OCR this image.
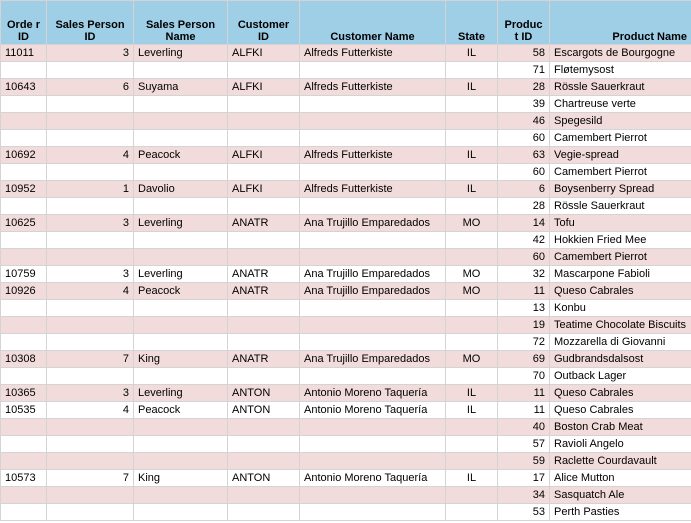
Orde r ID	Sales Person ID	Sales Person Name	Customer ID	Customer Name	State	Produc t ID	Product Name
11011	3	Leverling	ALFKI	Alfreds Futterkiste	IL	58	Escargots de Bourgogne
						71	Fløtemysost
10643	6	Suyama	ALFKI	Alfreds Futterkiste	IL	28	Rössle Sauerkraut
						39	Chartreuse verte
						46	Spegesild
						60	Camembert Pierrot
10692	4	Peacock	ALFKI	Alfreds Futterkiste	IL	63	Vegie-spread
						60	Camembert Pierrot
10952	1	Davolio	ALFKI	Alfreds Futterkiste	IL	6	Boysenberry Spread
						28	Rössle Sauerkraut
10625	3	Leverling	ANATR	Ana Trujillo Emparedados	MO	14	Tofu
						42	Hokkien Fried Mee
						60	Camembert Pierrot
10759	3	Leverling	ANATR	Ana Trujillo Emparedados	MO	32	Mascarpone Fabioli
10926	4	Peacock	ANATR	Ana Trujillo Emparedados	MO	11	Queso Cabrales
						13	Konbu
						19	Teatime Chocolate Biscuits
						72	Mozzarella di Giovanni
10308	7	King	ANATR	Ana Trujillo Emparedados	MO	69	Gudbrandsdalsost
						70	Outback Lager
10365	3	Leverling	ANTON	Antonio Moreno Taquería	IL	11	Queso Cabrales
10535	4	Peacock	ANTON	Antonio Moreno Taquería	IL	11	Queso Cabrales
						40	Boston Crab Meat
						57	Ravioli Angelo
						59	Raclette Courdavault
10573	7	King	ANTON	Antonio Moreno Taquería	IL	17	Alice Mutton
						34	Sasquatch Ale
						53	Perth Pasties
